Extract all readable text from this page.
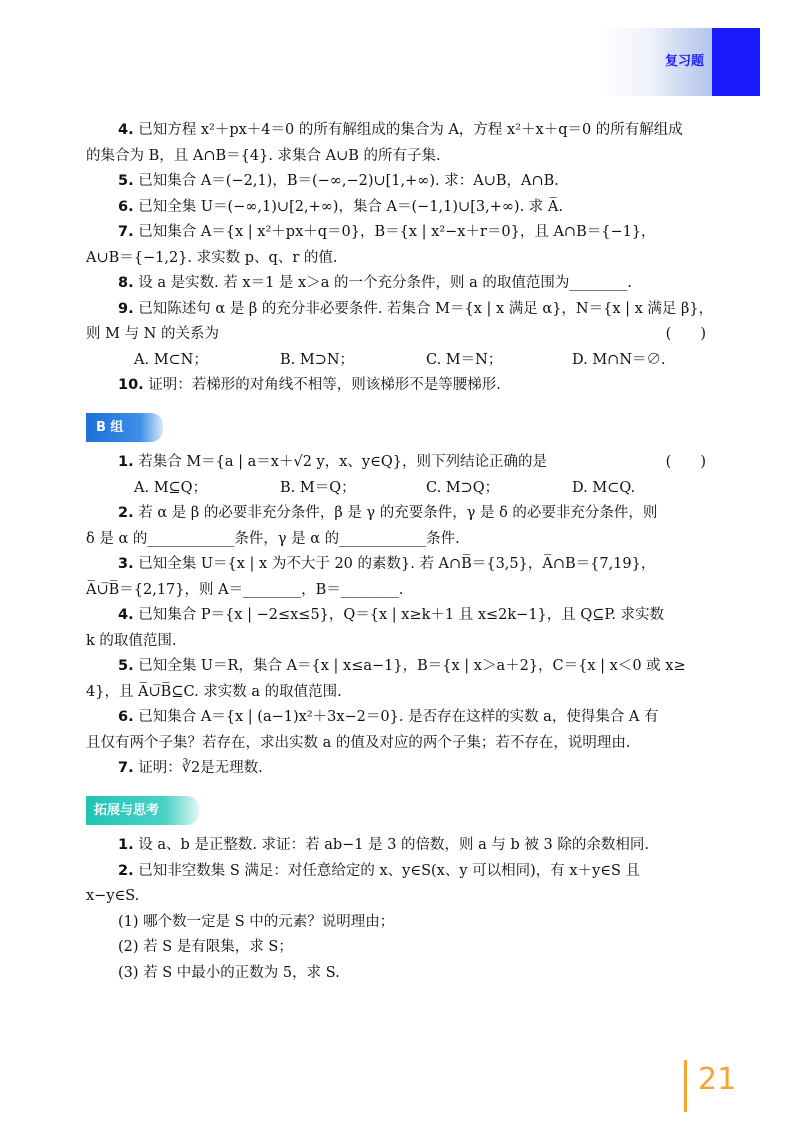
复习题

4. 已知方程 x²＋px＋4＝0 的所有解组成的集合为 A，方程 x²＋x＋q＝0 的所有解组成

的集合为 B，且 A∩B＝{4}. 求集合 A∪B 的所有子集.

5. 已知集合 A＝(−2,1)，B＝(−∞,−2)∪[1,+∞). 求：A∪B，A∩B.

6. 已知全集 U＝(−∞,1)∪[2,+∞)，集合 A＝(−1,1)∪[3,+∞). 求 A̅.

7. 已知集合 A＝{x | x²＋px＋q＝0}，B＝{x | x²−x＋r＝0}，且 A∩B＝{−1}，

A∪B＝{−1,2}. 求实数 p、q、r 的值.

8. 设 a 是实数. 若 x＝1 是 x＞a 的一个充分条件，则 a 的取值范围为________.

9. 已知陈述句 α 是 β 的充分非必要条件. 若集合 M＝{x | x 满足 α}，N＝{x | x 满足 β}，

则 M 与 N 的关系为	(　　)

A. M⊂N；	B. M⊃N；	C. M＝N；	D. M∩N＝∅.

10. 证明：若梯形的对角线不相等，则该梯形不是等腰梯形.

B 组

1. 若集合 M＝{a | a＝x＋√2 y，x、y∈Q}，则下列结论正确的是	(　　)

A. M⊆Q；	B. M＝Q；	C. M⊃Q；	D. M⊂Q.

2. 若 α 是 β 的必要非充分条件，β 是 γ 的充要条件，γ 是 δ 的必要非充分条件，则

δ 是 α 的____________条件，γ 是 α 的____________条件.

3. 已知全集 U＝{x | x 为不大于 20 的素数}. 若 A∩B̅＝{3,5}，A̅∩B＝{7,19}，

A̅∪̅B̅＝{2,17}，则 A＝________，B＝________.

4. 已知集合 P＝{x | −2≤x≤5}，Q＝{x | x≥k＋1 且 x≤2k−1}，且 Q⊆P. 求实数

k 的取值范围.

5. 已知全集 U＝R，集合 A＝{x | x≤a−1}，B＝{x | x＞a＋2}，C＝{x | x＜0 或 x≥

4}，且 A̅∪̅B̅⊆C. 求实数 a 的取值范围.

6. 已知集合 A＝{x | (a−1)x²＋3x−2＝0}. 是否存在这样的实数 a，使得集合 A 有

且仅有两个子集？若存在，求出实数 a 的值及对应的两个子集；若不存在，说明理由.

7. 证明：∛2是无理数.

拓展与思考

1. 设 a、b 是正整数. 求证：若 ab−1 是 3 的倍数，则 a 与 b 被 3 除的余数相同.

2. 已知非空数集 S 满足：对任意给定的 x、y∈S(x、y 可以相同)，有 x＋y∈S 且

x−y∈S.

(1) 哪个数一定是 S 中的元素？说明理由；

(2) 若 S 是有限集，求 S；

(3) 若 S 中最小的正数为 5，求 S.

21
